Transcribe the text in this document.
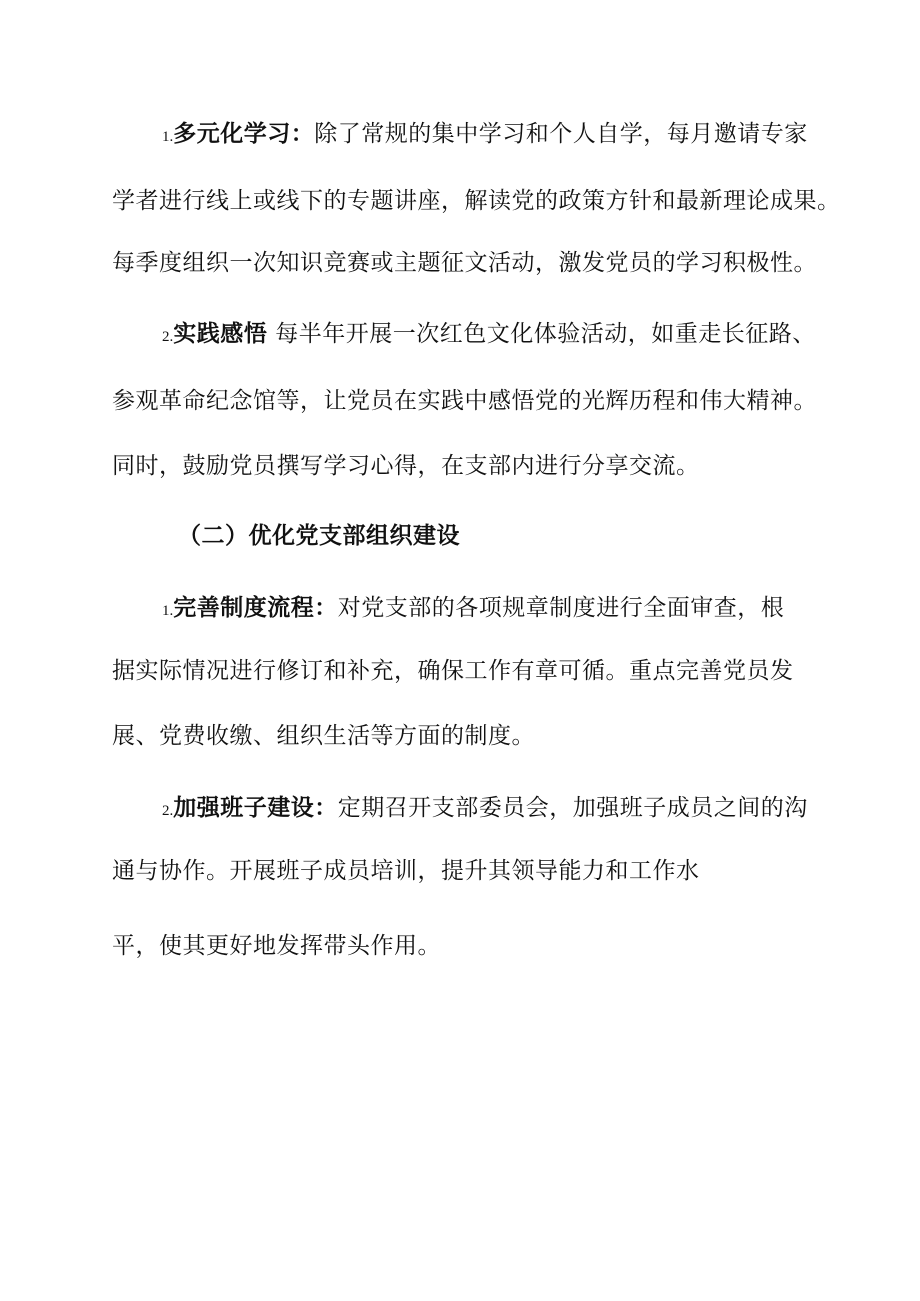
1.多元化学习：除了常规的集中学习和个人自学，每月邀请专家
学者进行线上或线下的专题讲座，解读党的政策方针和最新理论成果。
每季度组织一次知识竞赛或主题征文活动，激发党员的学习积极性。
2.实践感悟 每半年开展一次红色文化体验活动，如重走长征路、
参观革命纪念馆等，让党员在实践中感悟党的光辉历程和伟大精神。
同时，鼓励党员撰写学习心得，在支部内进行分享交流。
（二）优化党支部组织建设
1.完善制度流程：对党支部的各项规章制度进行全面审查，根
据实际情况进行修订和补充，确保工作有章可循。重点完善党员发
展、党费收缴、组织生活等方面的制度。
2.加强班子建设：定期召开支部委员会，加强班子成员之间的沟
通与协作。开展班子成员培训，提升其领导能力和工作水
平，使其更好地发挥带头作用。
